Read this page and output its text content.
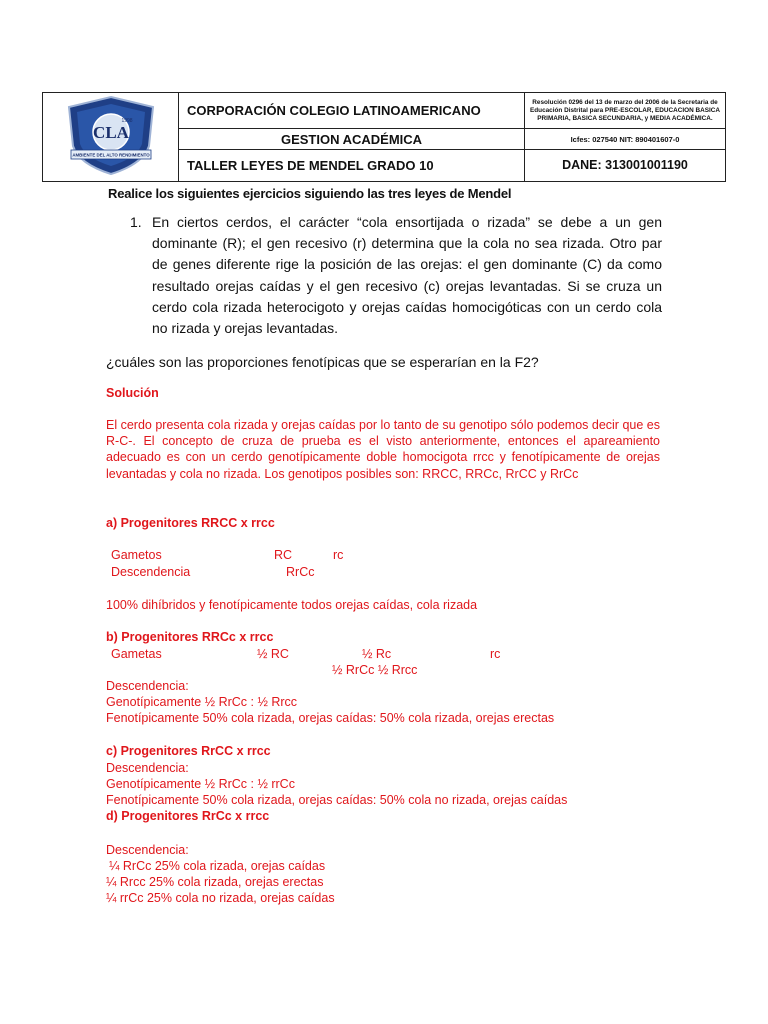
CLA
1998
AMBIENTE DEL ALTO RENDIMIENTO	CORPORACIÓN COLEGIO LATINOAMERICANO	Resolución 0296 del 13 de marzo del 2006 de la Secretaria de Educación Distrital para PRE-ESCOLAR, EDUCACION BASICA PRIMARIA, BASICA SECUNDARIA, y MEDIA ACADÉMICA.
	GESTION ACADÉMICA	Icfes: 027540 NIT: 890401607-0
	TALLER LEYES DE MENDEL GRADO 10	DANE: 313001001190
Realice los siguientes ejercicios siguiendo las tres leyes de Mendel
1. En ciertos cerdos, el carácter “cola ensortijada o rizada” se debe a un gen dominante (R); el gen recesivo (r) determina que la cola no sea rizada. Otro par de genes diferente rige la posición de las orejas: el gen dominante (C) da como resultado orejas caídas y el gen recesivo (c) orejas levantadas. Si se cruza un cerdo cola rizada heterocigoto y orejas caídas homocigóticas con un cerdo cola no rizada y orejas levantadas.
¿cuáles son las proporciones fenotípicas que se esperarían en la F2?
Solución
El cerdo presenta cola rizada y orejas caídas por lo tanto de su genotipo sólo podemos decir que es R-C-. El concepto de cruza de prueba es el visto anteriormente, entonces el apareamiento adecuado es con un cerdo genotípicamente doble homocigota rrcc y fenotípicamente de orejas levantadas y cola no rizada. Los genotipos posibles son: RRCC, RRCc, RrCC y RrCc
a) Progenitores RRCC x rrcc
Gametos	RC	rc
Descendencia	RrCc
100% dihíbridos y fenotípicamente todos orejas caídas, cola rizada
b) Progenitores RRCc x rrcc
Gametas	½ RC	½ Rc	rc
½ RrCc ½ Rrcc
Descendencia:
Genotípicamente ½ RrCc : ½ Rrcc
Fenotípicamente 50% cola rizada, orejas caídas: 50% cola rizada, orejas erectas
c) Progenitores RrCC x rrcc
Descendencia:
Genotípicamente ½ RrCc : ½ rrCc
Fenotípicamente 50% cola rizada, orejas caídas: 50% cola no rizada, orejas caídas
d) Progenitores RrCc x rrcc
Descendencia:
¼ RrCc 25% cola rizada, orejas caídas
¼ Rrcc 25% cola rizada, orejas erectas
¼ rrCc 25% cola no rizada, orejas caídas
